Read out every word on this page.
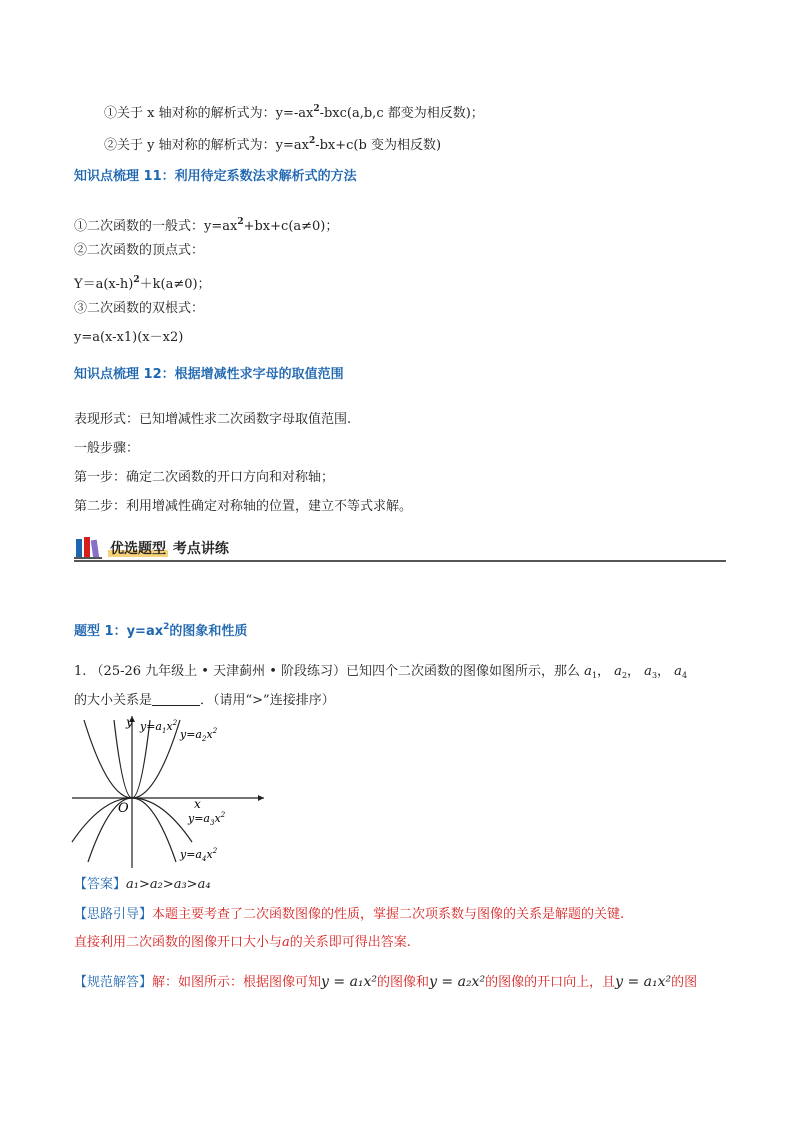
①关于 x 轴对称的解析式为：$y=-ax^2-bxc(a,b,c$ 都变为相反数)；
②关于 y 轴对称的解析式为：$y=ax^2-bx+c(b$ 变为相反数)
知识点梳理 11：利用待定系数法求解析式的方法
①二次函数的一般式：$y=ax^2+bx+c(a\ne 0)$；
②二次函数的顶点式：
$Y=a(x-h)^2+k(a\ne 0)$；
③二次函数的双根式：
y=a(x-x1)(x－x2)
知识点梳理 12：根据增减性求字母的取值范围
表现形式：已知增减性求二次函数字母取值范围.
一般步骤：
第一步：确定二次函数的开口方向和对称轴；
第二步：利用增减性确定对称轴的位置，建立不等式求解。
优选题型 考点讲练
题型 1：$y=ax^2$的图象和性质
1. （25-26 九年级上 • 天津蓟州 • 阶段练习）已知四个二次函数的图像如图所示，那么 $a_1$， $a_2$， $a_3$， $a_4$
的大小关系是	．（请用“>”连接排序）
y
x
O
$y=a_1x^2$
$y=a_2x^2$
$y=a_3x^2$
$y=a_4x^2$
【答案】a₁>a₂>a₃>a₄
【思路引导】本题主要考查了二次函数图像的性质，掌握二次项系数与图像的关系是解题的关键.
直接利用二次函数的图像开口大小与a的关系即可得出答案.
【规范解答】解：如图所示：根据图像可知y = a₁x²的图像和y = a₂x²的图像的开口向上，且y = a₁x²的图
